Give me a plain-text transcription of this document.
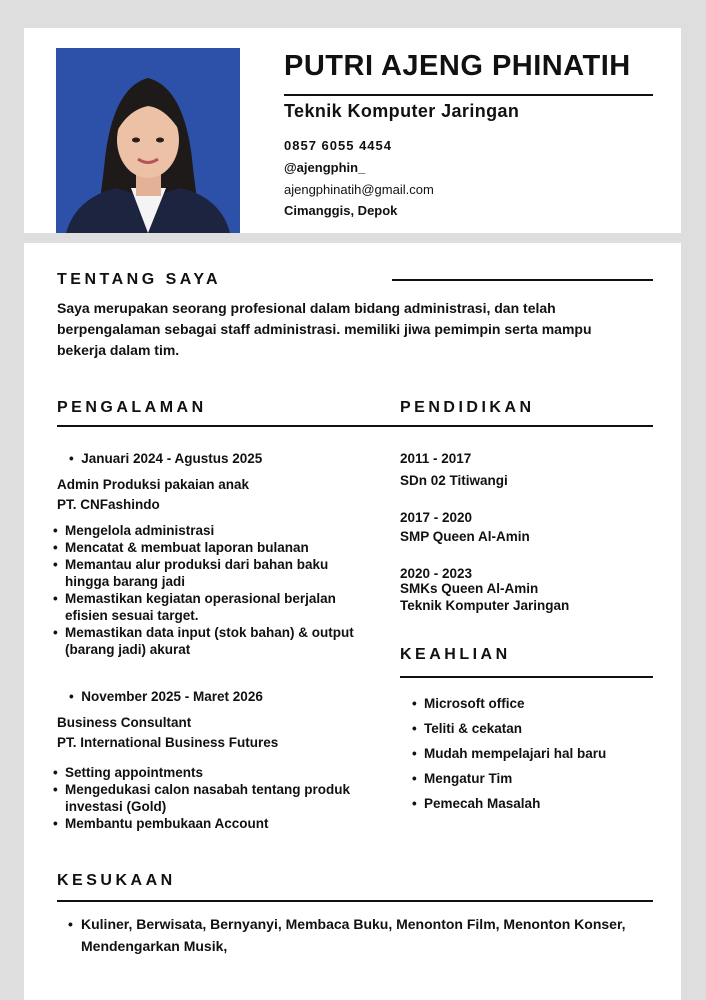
PUTRI AJENG PHINATIH
Teknik Komputer Jaringan
0857 6055 4454
@ajengphin_
ajengphinatih@gmail.com
Cimanggis, Depok
TENTANG SAYA
Saya merupakan seorang profesional dalam bidang administrasi, dan telah berpengalaman sebagai staff administrasi. memiliki jiwa pemimpin serta mampu bekerja dalam tim.
PENGALAMAN	PENDIDIKAN
•  Januari 2024 - Agustus 2025
Admin Produksi pakaian anak
PT. CNFashindo
• Mengelola administrasi
• Mencatat & membuat laporan bulanan
• Memantau alur produksi dari bahan baku hingga barang jadi
• Memastikan kegiatan operasional berjalan efisien sesuai target.
• Memastikan data input (stok bahan) & output (barang jadi) akurat
•  November 2025 - Maret 2026
Business Consultant
PT. International Business Futures
• Setting appointments
• Mengedukasi calon nasabah tentang produk investasi (Gold)
• Membantu pembukaan Account
2011 - 2017
SDn 02 Titiwangi
2017 - 2020
SMP Queen Al-Amin
2020 - 2023
SMKs Queen Al-Amin
Teknik Komputer Jaringan
KEAHLIAN
• Microsoft office
• Teliti & cekatan
• Mudah mempelajari hal baru
• Mengatur Tim
• Pemecah Masalah
KESUKAAN
• Kuliner, Berwisata, Bernyanyi, Membaca Buku, Menonton Film, Menonton Konser, Mendengarkan Musik,
